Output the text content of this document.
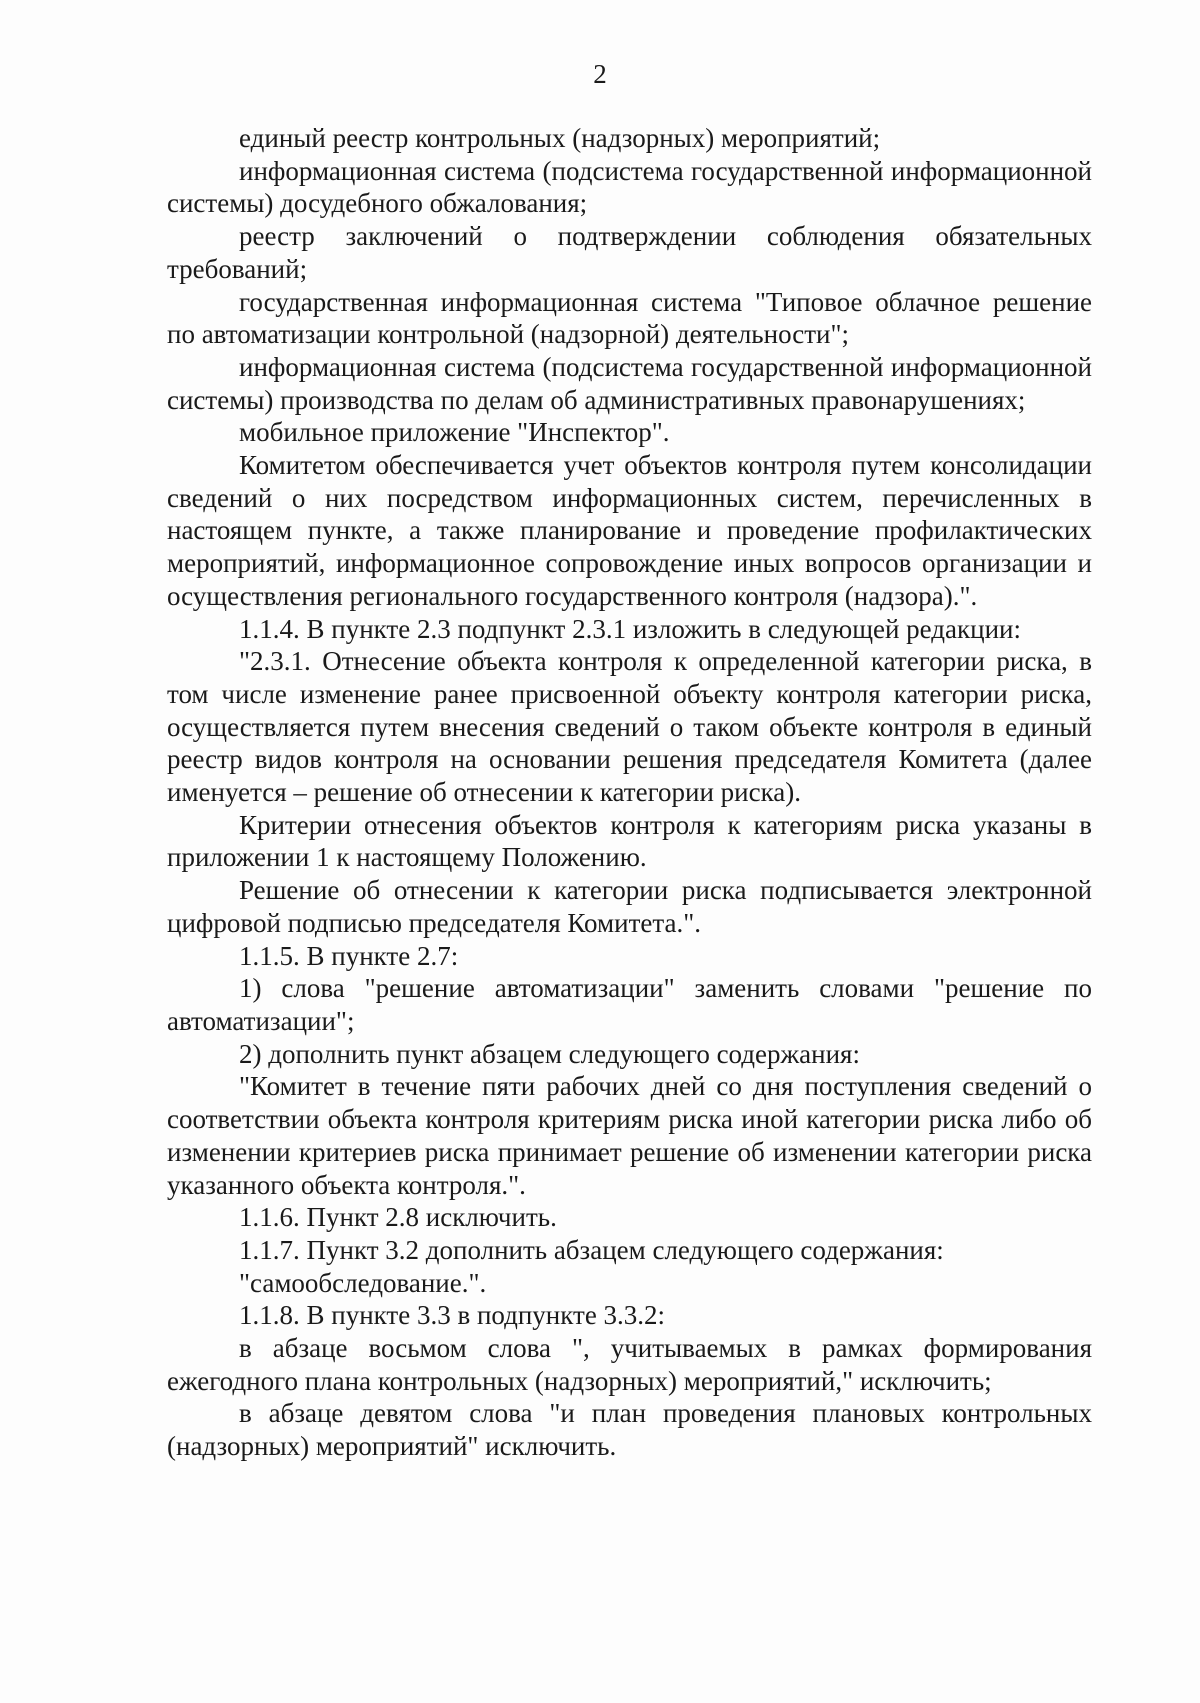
2

единый реестр контрольных (надзорных) мероприятий;

информационная система (подсистема государственной информационной системы) досудебного обжалования;

реестр заключений о подтверждении соблюдения обязательных требований;

государственная информационная система "Типовое облачное решение по автоматизации контрольной (надзорной) деятельности";

информационная система (подсистема государственной информационной системы) производства по делам об административных правонарушениях;

мобильное приложение "Инспектор".

Комитетом обеспечивается учет объектов контроля путем консолидации сведений о них посредством информационных систем, перечисленных в настоящем пункте, а также планирование и проведение профилактических мероприятий, информационное сопровождение иных вопросов организации и осуществления регионального государственного контроля (надзора).".

1.1.4. В пункте 2.3 подпункт 2.3.1 изложить в следующей редакции:

"2.3.1. Отнесение объекта контроля к определенной категории риска, в том числе изменение ранее присвоенной объекту контроля категории риска, осуществляется путем внесения сведений о таком объекте контроля в единый реестр видов контроля на основании решения председателя Комитета (далее именуется – решение об отнесении к категории риска).

Критерии отнесения объектов контроля к категориям риска указаны в приложении 1 к настоящему Положению.

Решение об отнесении к категории риска подписывается электронной цифровой подписью председателя Комитета.".

1.1.5. В пункте 2.7:

1) слова "решение автоматизации" заменить словами "решение по автоматизации";

2) дополнить пункт абзацем следующего содержания:

"Комитет в течение пяти рабочих дней со дня поступления сведений о соответствии объекта контроля критериям риска иной категории риска либо об изменении критериев риска принимает решение об изменении категории риска указанного объекта контроля.".

1.1.6. Пункт 2.8 исключить.

1.1.7. Пункт 3.2 дополнить абзацем следующего содержания:

"самообследование.".

1.1.8. В пункте 3.3 в подпункте 3.3.2:

в абзаце восьмом слова ", учитываемых в рамках формирования ежегодного плана контрольных (надзорных) мероприятий," исключить;

в абзаце девятом слова "и план проведения плановых контрольных (надзорных) мероприятий" исключить.
